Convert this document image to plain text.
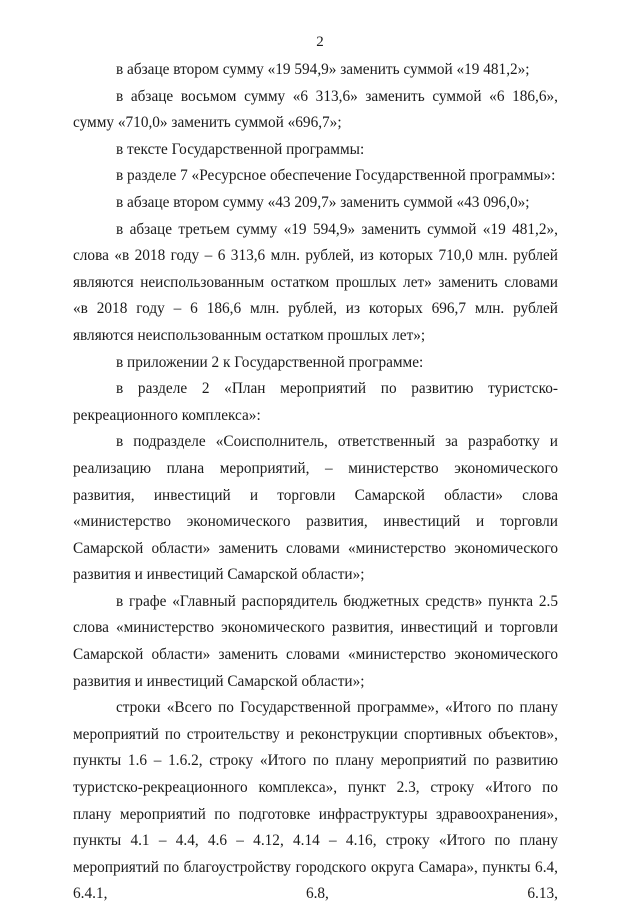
2

в абзаце втором сумму «19 594,9» заменить суммой «19 481,2»;

в абзаце восьмом сумму «6 313,6» заменить суммой «6 186,6», сумму «710,0» заменить суммой «696,7»;

в тексте Государственной программы:

в разделе 7 «Ресурсное обеспечение Государственной программы»:

в абзаце втором сумму «43 209,7» заменить суммой «43 096,0»;

в абзаце третьем сумму «19 594,9» заменить суммой «19 481,2», слова «в 2018 году – 6 313,6 млн. рублей, из которых 710,0 млн. рублей являются неиспользованным остатком прошлых лет» заменить словами «в 2018 году – 6 186,6 млн. рублей, из которых 696,7 млн. рублей являются неиспользованным остатком прошлых лет»;

в приложении 2 к Государственной программе:

в разделе 2 «План мероприятий по развитию туристско-рекреационного комплекса»:

в подразделе «Соисполнитель, ответственный за разработку и реализацию плана мероприятий, – министерство экономического развития, инвестиций и торговли Самарской области» слова «министерство экономического развития, инвестиций и торговли Самарской области» заменить словами «министерство экономического развития и инвестиций Самарской области»;

в графе «Главный распорядитель бюджетных средств» пункта 2.5 слова «министерство экономического развития, инвестиций и торговли Самарской области» заменить словами «министерство экономического развития и инвестиций Самарской области»;

строки «Всего по Государственной программе», «Итого по плану мероприятий по строительству и реконструкции спортивных объектов», пункты 1.6 – 1.6.2, строку «Итого по плану мероприятий по развитию туристско-рекреационного комплекса», пункт 2.3, строку «Итого по плану мероприятий по подготовке инфраструктуры здравоохранения», пункты 4.1 – 4.4, 4.6 – 4.12, 4.14 – 4.16, строку «Итого по плану мероприятий по благоустройству городского округа Самара», пункты 6.4, 6.4.1, 6.8, 6.13,
